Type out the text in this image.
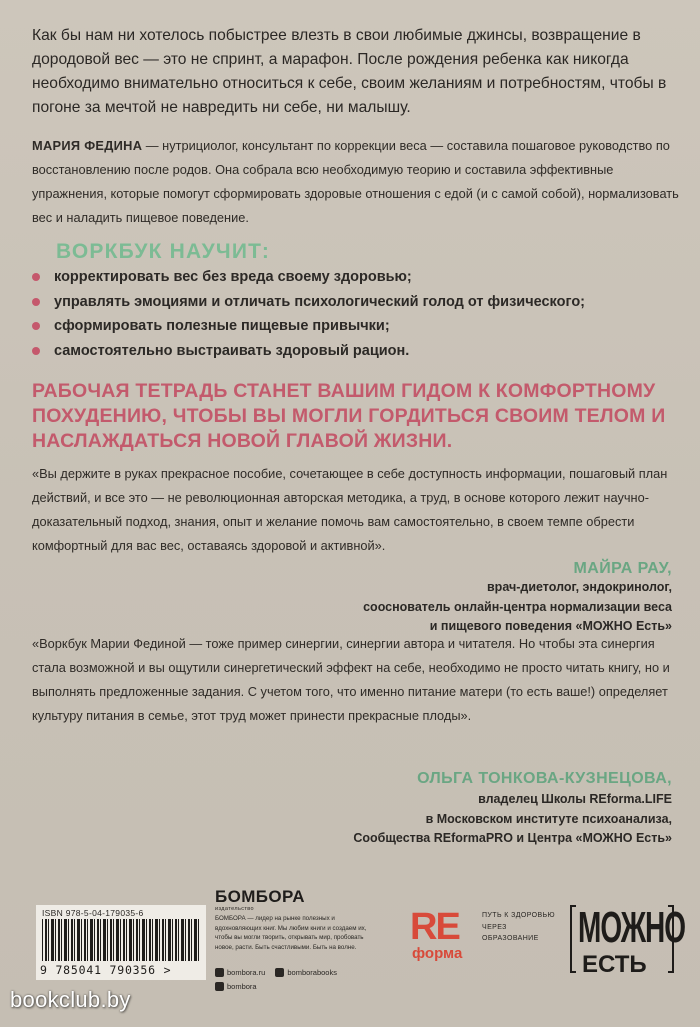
Как бы нам ни хотелось побыстрее влезть в свои любимые джинсы, возвращение в дородовой вес — это не спринт, а марафон. После рождения ребенка как никогда необходимо внимательно относиться к себе, своим желаниям и потребностям, чтобы в погоне за мечтой не навредить ни себе, ни малышу.

МАРИЯ ФЕДИНА — нутрициолог, консультант по коррекции веса — составила пошаговое руководство по восстановлению после родов. Она собрала всю необходимую теорию и составила эффективные упражнения, которые помогут сформировать здоровые отношения с едой (и с самой собой), нормализовать вес и наладить пищевое поведение.

ВОРКБУК НАУЧИТ:
корректировать вес без вреда своему здоровью;
управлять эмоциями и отличать психологический голод от физического;
сформировать полезные пищевые привычки;
самостоятельно выстраивать здоровый рацион.

РАБОЧАЯ ТЕТРАДЬ СТАНЕТ ВАШИМ ГИДОМ К КОМФОРТНОМУ ПОХУДЕНИЮ, ЧТОБЫ ВЫ МОГЛИ ГОРДИТЬСЯ СВОИМ ТЕЛОМ И НАСЛАЖДАТЬСЯ НОВОЙ ГЛАВОЙ ЖИЗНИ.

«Вы держите в руках прекрасное пособие, сочетающее в себе доступность информации, пошаговый план действий, и все это — не революционная авторская методика, а труд, в основе которого лежит научно-доказательный подход, знания, опыт и желание помочь вам самостоятельно, в своем темпе обрести комфортный для вас вес, оставаясь здоровой и активной».

МАЙРА РАУ,
врач-диетолог, эндокринолог,
сооснователь онлайн-центра нормализации веса
и пищевого поведения «МОЖНО Есть»

«Воркбук Марии Фединой — тоже пример синергии, синергии автора и читателя. Но чтобы эта синергия стала возможной и вы ощутили синергетический эффект на себе, необходимо не просто читать книгу, но и выполнять предложенные задания. С учетом того, что именно питание матери (то есть ваше!) определяет культуру питания в семье, этот труд может принести прекрасные плоды».

ОЛЬГА ТОНКОВА-КУЗНЕЦОВА,
владелец Школы REforma.LIFE
в Московском институте психоанализа,
Сообщества REformaPRO и Центра «МОЖНО Есть»
ISBN 978-5-04-179035-6
9 785041 790356 >
БОМБОРА
издательство
БОМБОРА — лидер на рынке полезных и вдохновляющих книг. Мы любим книги и создаем их, чтобы вы могли творить, открывать мир, пробовать новое, расти. Быть счастливыми. Быть на волне.
bombora.ru	bomborabooks
bombora
RE
форма
ПУТЬ К ЗДОРОВЬЮ ЧЕРЕЗ ОБРАЗОВАНИЕ	МОЖНО
ЕСТЬ
bookclub.by
